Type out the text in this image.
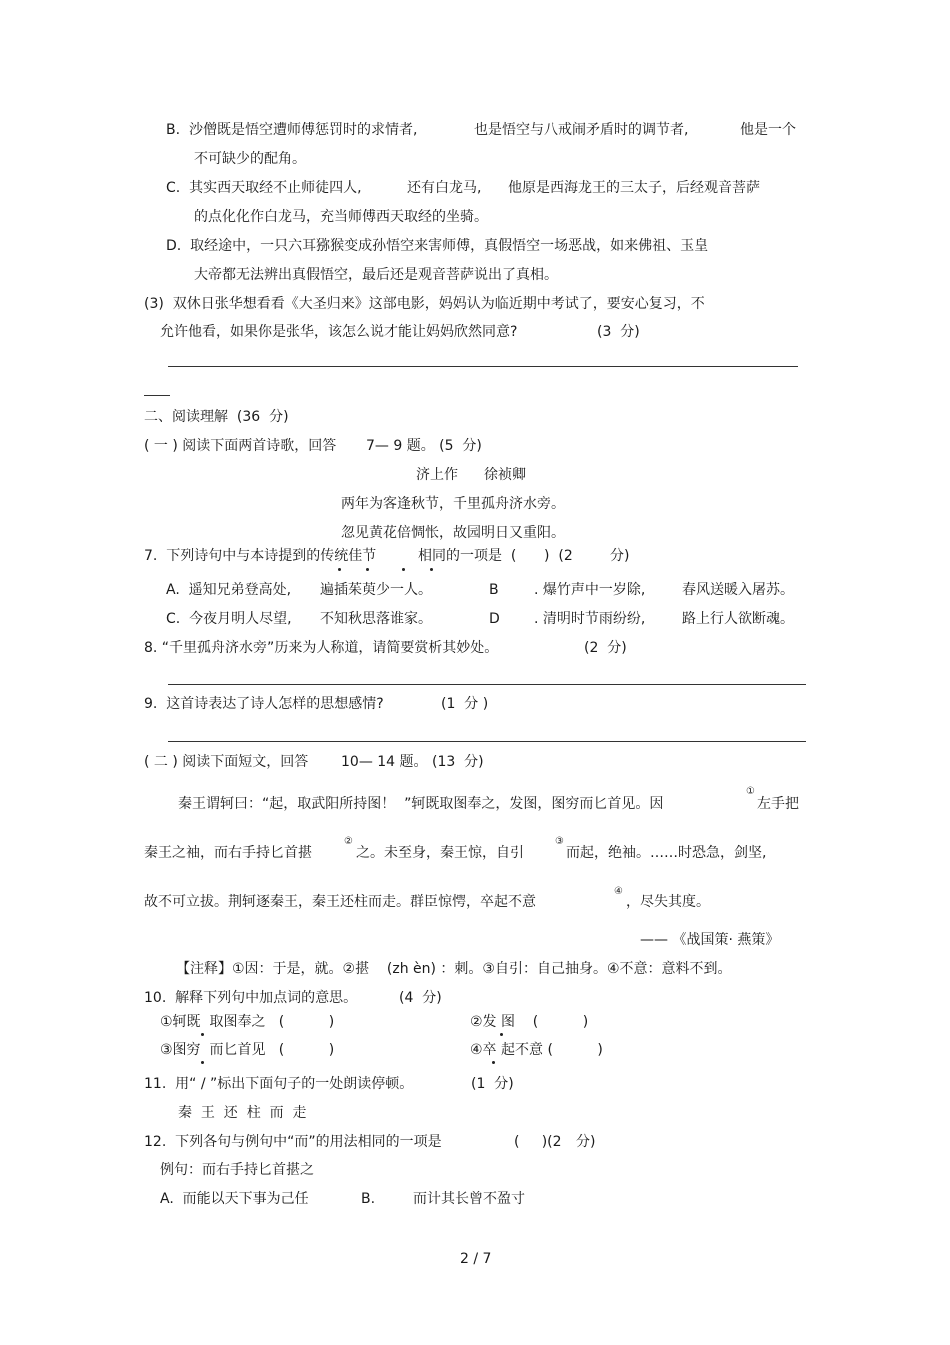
B.  沙僧既是悟空遭师傅惩罚时的求情者,	也是悟空与八戒闹矛盾时的调节者,	他是一个
不可缺少的配角。
C.  其实西天取经不止师徒四人,	还有白龙马, 他原是西海龙王的三太子，后经观音菩萨
的点化化作白龙马，充当师傅西天取经的坐骑。
D.  取经途中，一只六耳猕猴变成孙悟空来害师傅，真假悟空一场恶战，如来佛祖、玉皇
大帝都无法辨出真假悟空，最后还是观音菩萨说出了真相。
(3)  双休日张华想看看《大圣归来》这部电影，妈妈认为临近期中考试了，要安心复习，不
允许他看，如果你是张华，该怎么说才能让妈妈欣然同意?	(3  分)
二、阅读理解  (36  分)
( 一 ) 阅读下面两首诗歌，回答 7— 9 题。 (5  分)
济上作 徐祯卿
两年为客逢秋节，千里孤舟济水旁。
忽见黄花倍惆怅，故园明日又重阳。
7.  下列诗句中与本诗提到的传统佳节	相同的一项是  ( )  (2	分)
A.  遥知兄弟登高处, 遍插茱萸少一人。	B	. 爆竹声中一岁除,	春风送暖入屠苏。
C.  今夜月明人尽望, 不知秋思落谁家。	D . 清明时节雨纷纷,	路上行人欲断魂。
8. “千里孤舟济水旁”历来为人称道，请简要赏析其妙处。	(2  分)
9.  这首诗表达了诗人怎样的思想感情?	(1  分 )
( 二 ) 阅读下面短文，回答 10— 14 题。 (13  分)
秦王谓轲曰：“起，取武阳所持图！  ”轲既取图奉之，发图，图穷而匕首见。因
①
左手把
秦王之袖，而右手持匕首揕
②
之。未至身，秦王惊，自引
③
而起，绝袖。……时恐急，剑坚,
故不可立拔。荆轲逐秦王，秦王还柱而走。群臣惊愕，卒起不意
④
，尽失其度。
—— 《战国策· 燕策》
【注释】①因：于是，就。②揕    (zh èn) ：刺。③自引：自己抽身。④不意：意料不到。
10.  解释下列句中加点词的意思。	(4  分)
①轲既  取图奉之   (          )	②发 图    (          )
③图穷  而匕首见   (          )	④卒 起不意 (          )
11.  用“ / ”标出下面句子的一处朗读停顿。	(1  分)
秦  王  还  柱  而  走
12.  下列各句与例句中“而”的用法相同的一项是	(     )(2 分)
例句：而右手持匕首揕之
A.  而能以天下事为己任	B.	而计其长曾不盈寸
2 / 7
